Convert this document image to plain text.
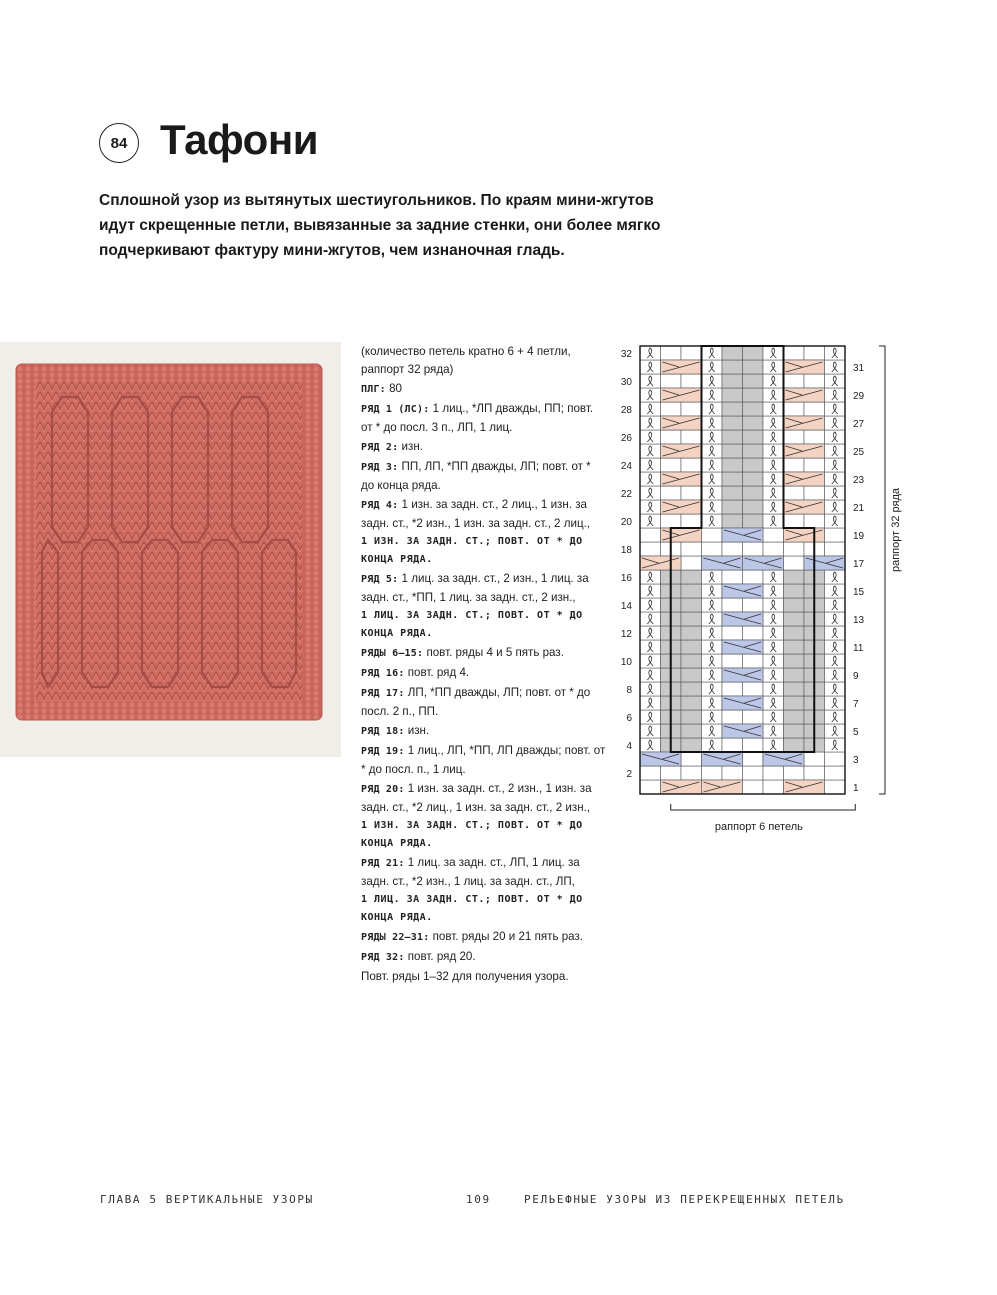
84 Тафони

Сплошной узор из вытянутых шестиугольников. По краям мини-жгутов

идут скрещенные петли, вывязанные за задние стенки, они более мягко

подчеркивают фактуру мини-жгутов, чем изнаночная гладь.

(количество петель кратно 6 + 4 петли, раппорт 32 ряда)
ПЛГ: 80
РЯД 1 (ЛС): 1 лиц., *ЛП дважды, ПП; повт. от * до посл. 3 п., ЛП, 1 лиц.
РЯД 2: изн.
РЯД 3: ПП, ЛП, *ПП дважды, ЛП; повт. от * до конца ряда.
РЯД 4: 1 изн. за задн. ст., 2 лиц., 1 изн. за задн. ст., *2 изн., 1 изн. за задн. ст., 2 лиц.,
1 ИЗН. ЗА ЗАДН. СТ.; ПОВТ. ОТ * ДО КОНЦА РЯДА.
РЯД 5: 1 лиц. за задн. ст., 2 изн., 1 лиц. за задн. ст., *ПП, 1 лиц. за задн. ст., 2 изн.,
1 ЛИЦ. ЗА ЗАДН. СТ.; ПОВТ. ОТ * ДО КОНЦА РЯДА.
РЯДЫ 6–15: повт. ряды 4 и 5 пять раз.
РЯД 16: повт. ряд 4.
РЯД 17: ЛП, *ПП дважды, ЛП; повт. от * до посл. 2 п., ПП.
РЯД 18: изн.
РЯД 19: 1 лиц., ЛП, *ПП, ЛП дважды; повт. от * до посл. п., 1 лиц.
РЯД 20: 1 изн. за задн. ст., 2 изн., 1 изн. за задн. ст., *2 лиц., 1 изн. за задн. ст., 2 изн.,
1 ИЗН. ЗА ЗАДН. СТ.; ПОВТ. ОТ * ДО КОНЦА РЯДА.
РЯД 21: 1 лиц. за задн. ст., ЛП, 1 лиц. за задн. ст., *2 изн., 1 лиц. за задн. ст., ЛП,
1 ЛИЦ. ЗА ЗАДН. СТ.; ПОВТ. ОТ * ДО КОНЦА РЯДА.
РЯДЫ 22–31: повт. ряды 20 и 21 пять раз.
РЯД 32: повт. ряд 20.
Повт. ряды 1–32 для получения узора.
32
30
28
26
24
22
20
18
16
14
12
10
8
6
4
2
31
29
27
25
23
21
19
17
15
13
11
9
7
5
3
1
раппорт 32 ряда
раппорт 6 петель
ГЛАВА 5 ВЕРТИКАЛЬНЫЕ УЗОРЫ	109	РЕЛЬЕФНЫЕ УЗОРЫ ИЗ ПЕРЕКРЕЩЕННЫХ ПЕТЕЛЬ
